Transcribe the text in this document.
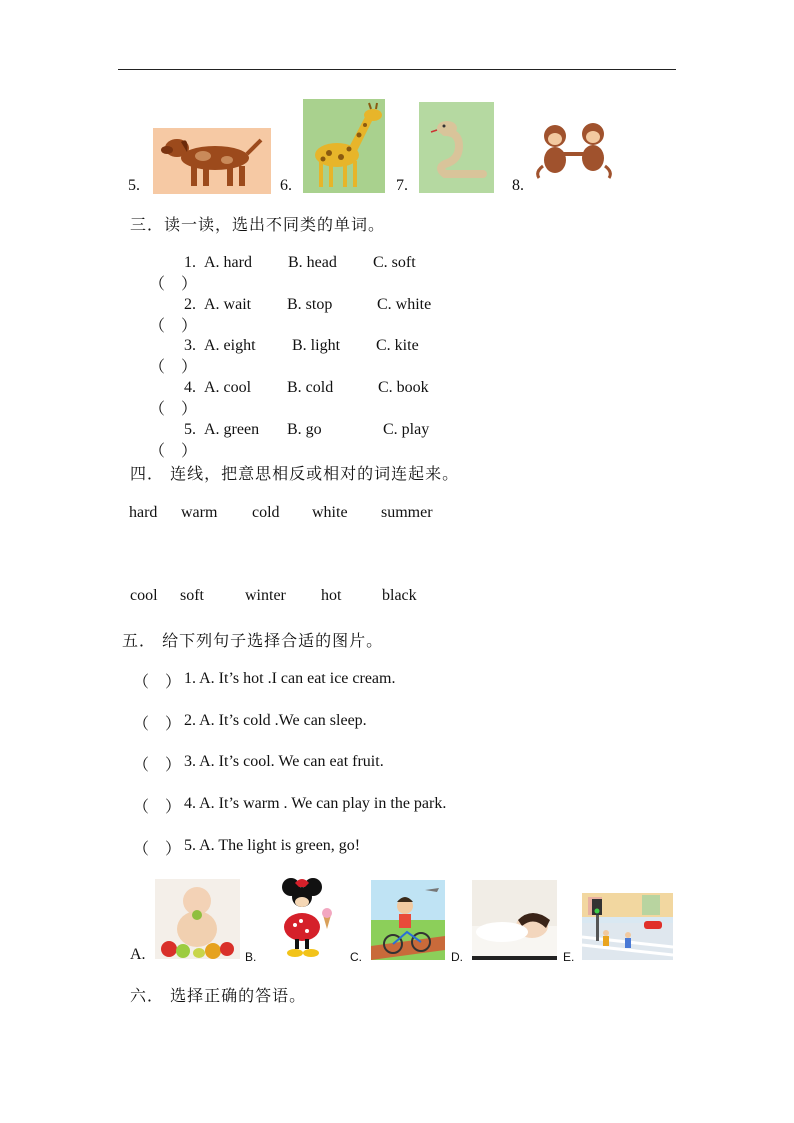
5.	6.	7.	8.
三．读一读，选出不同类的单词。

（    ）

1. A. hard B. head C. soft

（    ）

2. A. wait B. stop	C. white

（    ）

3. A. eight B. light C. kite

（    ）

4. A. cool B. cold	C. book

（    ）

5. A. green B. go	C. play
四． 连线，把意思相反或相对的词连起来。
hard warm cold white summer
cool soft	winter hot	black
五． 给下列句子选择合适的图片。
（    ） 1. A. It’s hot .I can eat ice cream.
（    ） 2. A. It’s cold .We can sleep.
（    ） 3. A. It’s cool. We can eat fruit.
（    ） 4. A. It’s warm . We can play in the park.
（    ） 5. A. The light is green, go!
A.	B.	C.	D.	E.
六． 选择正确的答语。
